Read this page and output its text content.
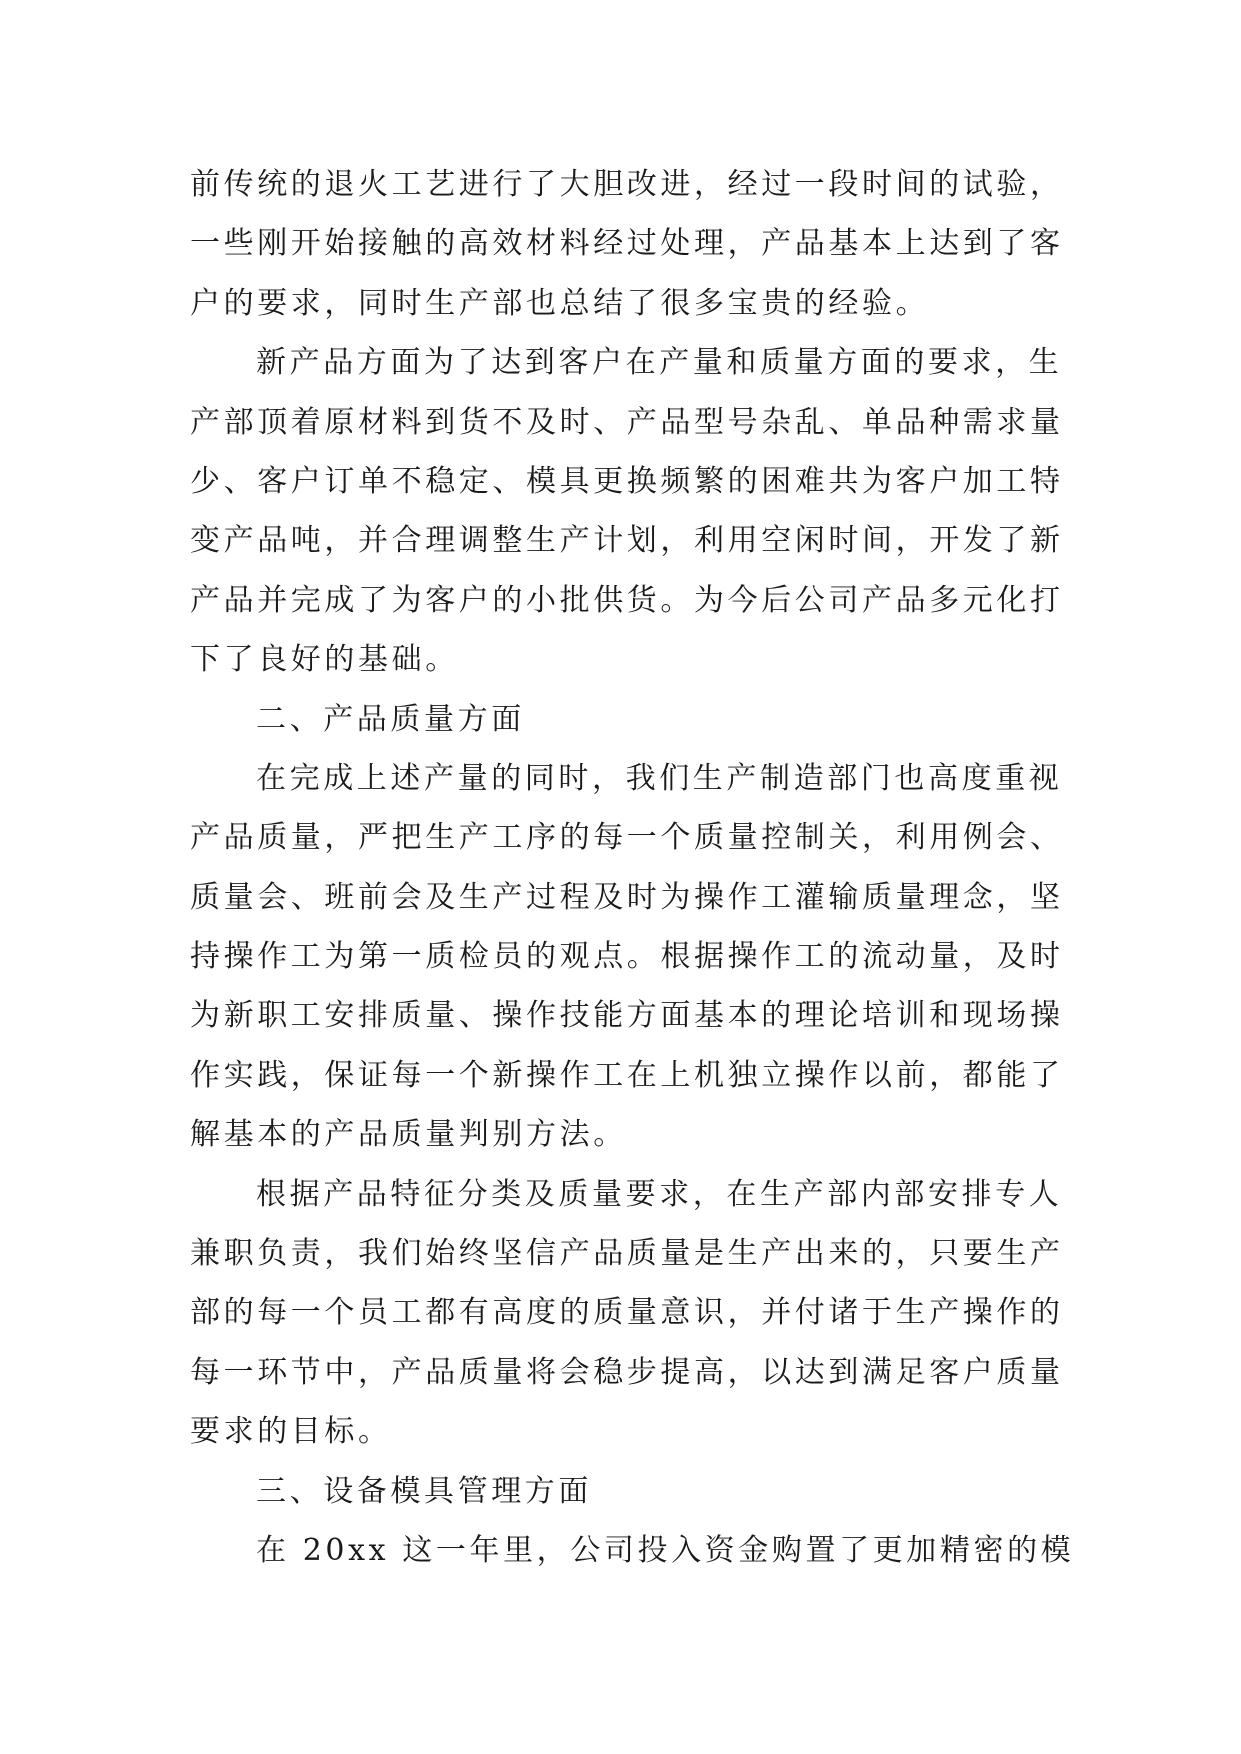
前传统的退火工艺进行了大胆改进，经过一段时间的试验，
一些刚开始接触的高效材料经过处理，产品基本上达到了客
户的要求，同时生产部也总结了很多宝贵的经验。
新产品方面为了达到客户在产量和质量方面的要求，生
产部顶着原材料到货不及时、产品型号杂乱、单品种需求量
少、客户订单不稳定、模具更换频繁的困难共为客户加工特
变产品吨，并合理调整生产计划，利用空闲时间，开发了新
产品并完成了为客户的小批供货。为今后公司产品多元化打
下了良好的基础。
二、产品质量方面
在完成上述产量的同时，我们生产制造部门也高度重视
产品质量，严把生产工序的每一个质量控制关，利用例会、
质量会、班前会及生产过程及时为操作工灌输质量理念，坚
持操作工为第一质检员的观点。根据操作工的流动量，及时
为新职工安排质量、操作技能方面基本的理论培训和现场操
作实践，保证每一个新操作工在上机独立操作以前，都能了
解基本的产品质量判别方法。
根据产品特征分类及质量要求，在生产部内部安排专人
兼职负责，我们始终坚信产品质量是生产出来的，只要生产
部的每一个员工都有高度的质量意识，并付诸于生产操作的
每一环节中，产品质量将会稳步提高，以达到满足客户质量
要求的目标。
三、设备模具管理方面
在 20xx 这一年里，公司投入资金购置了更加精密的模
